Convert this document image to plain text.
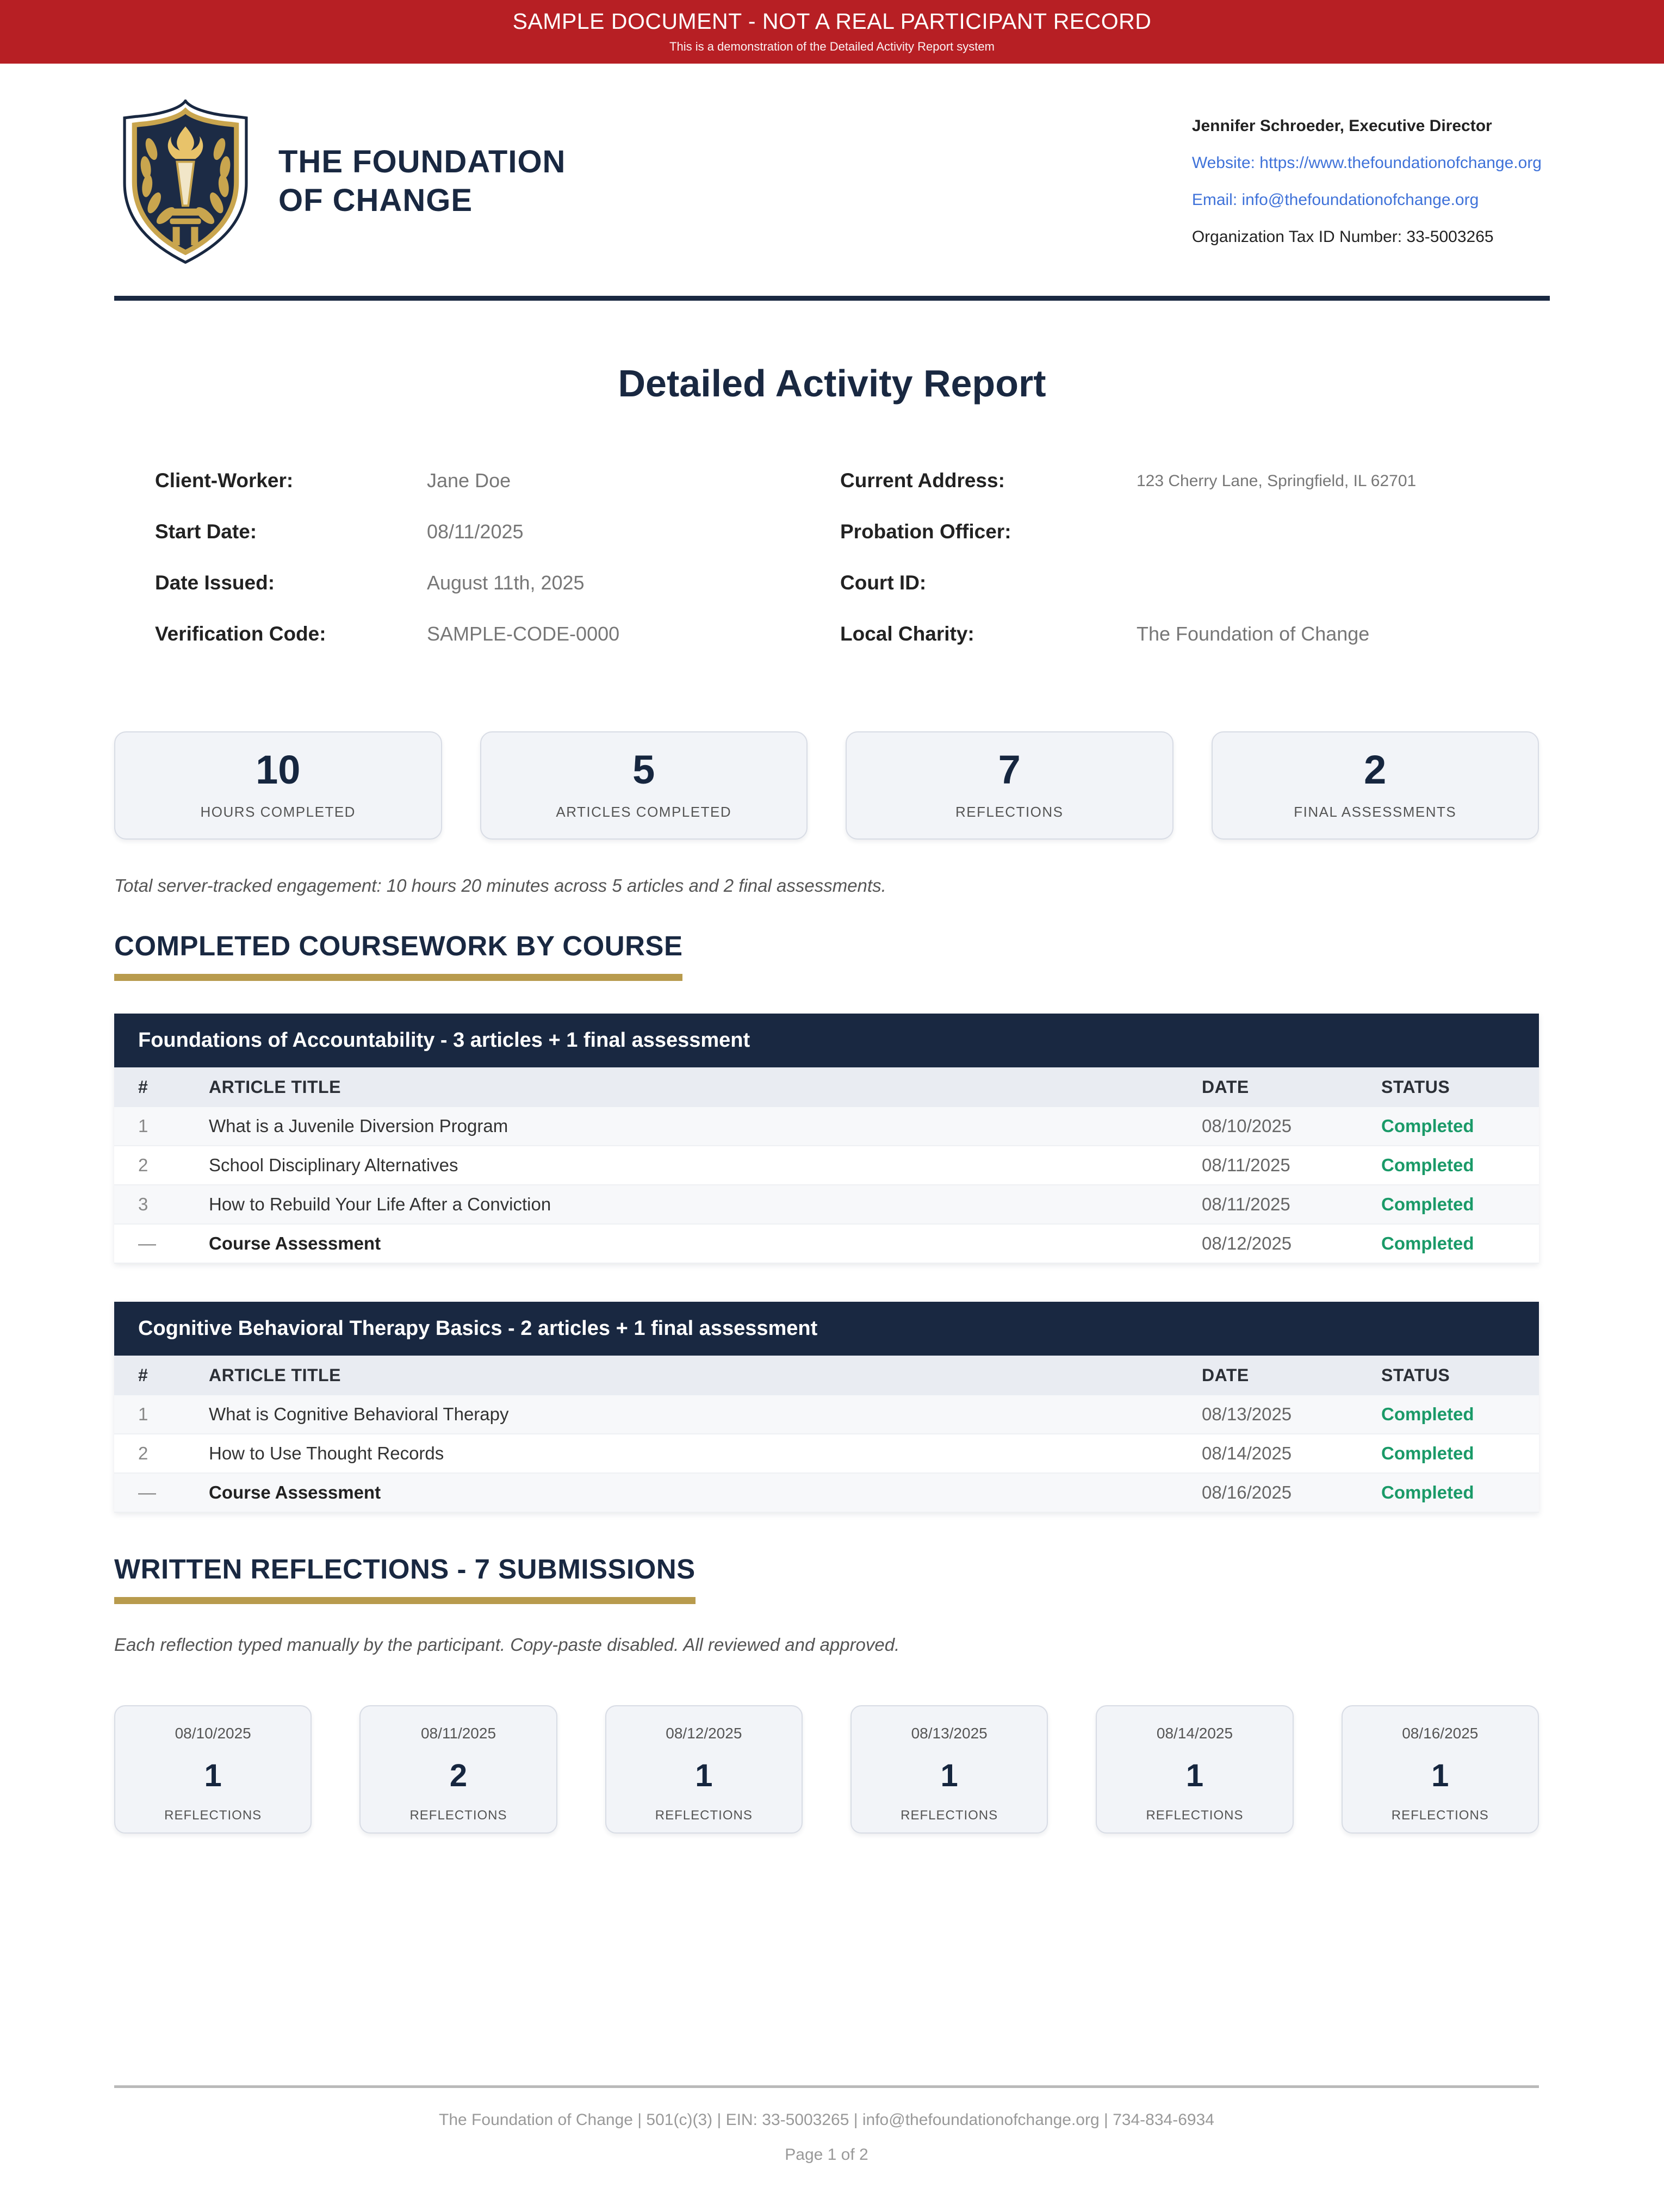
SAMPLE DOCUMENT - NOT A REAL PARTICIPANT RECORD
This is a demonstration of the Detailed Activity Report system
THE FOUNDATION
OF CHANGE
Jennifer Schroeder, Executive Director
Website: https://www.thefoundationofchange.org
Email: info@thefoundationofchange.org
Organization Tax ID Number: 33-5003265
Detailed Activity Report
Client-Worker:	Jane Doe
Start Date:	08/11/2025
Date Issued:	August 11th, 2025
Verification Code:	SAMPLE-CODE-0000
Current Address:	123 Cherry Lane, Springfield, IL 62701
Probation Officer:
Court ID:
Local Charity:	The Foundation of Change
10
HOURS COMPLETED
5
ARTICLES COMPLETED
7
REFLECTIONS
2
FINAL ASSESSMENTS
Total server-tracked engagement: 10 hours 20 minutes across 5 articles and 2 final assessments.
COMPLETED COURSEWORK BY COURSE
Foundations of Accountability - 3 articles + 1 final assessment
#	ARTICLE TITLE	DATE	STATUS
1	What is a Juvenile Diversion Program	08/10/2025	Completed
2	School Disciplinary Alternatives	08/11/2025	Completed
3	How to Rebuild Your Life After a Conviction	08/11/2025	Completed
—	Course Assessment	08/12/2025	Completed
Cognitive Behavioral Therapy Basics - 2 articles + 1 final assessment
#	ARTICLE TITLE	DATE	STATUS
1	What is Cognitive Behavioral Therapy	08/13/2025	Completed
2	How to Use Thought Records	08/14/2025	Completed
—	Course Assessment	08/16/2025	Completed
WRITTEN REFLECTIONS - 7 SUBMISSIONS
Each reflection typed manually by the participant. Copy-paste disabled. All reviewed and approved.
08/10/2025
1
REFLECTIONS
08/11/2025
2
REFLECTIONS
08/12/2025
1
REFLECTIONS
08/13/2025
1
REFLECTIONS
08/14/2025
1
REFLECTIONS
08/16/2025
1
REFLECTIONS
The Foundation of Change | 501(c)(3) | EIN: 33-5003265 | info@thefoundationofchange.org | 734-834-6934
Page 1 of 2
